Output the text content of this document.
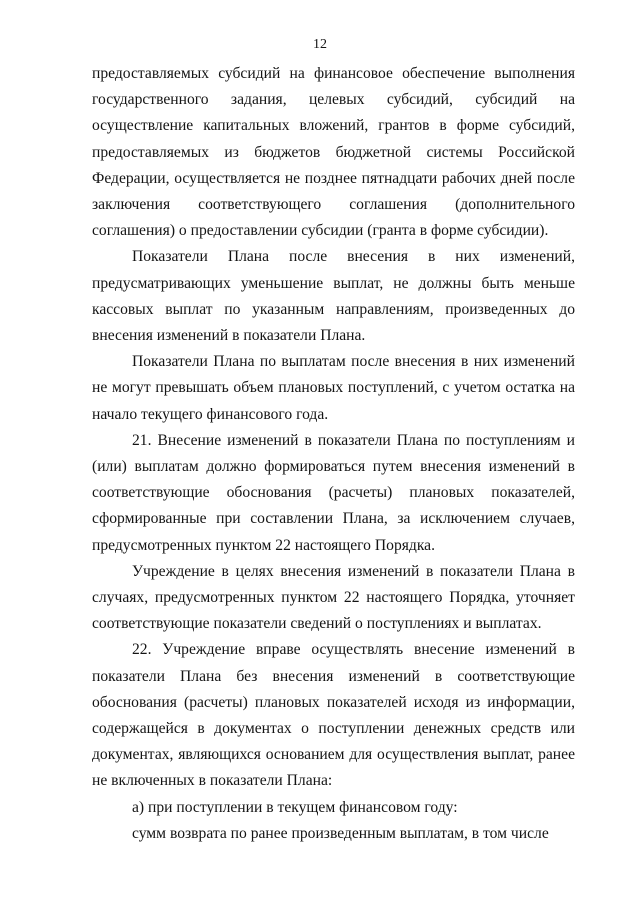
12

предоставляемых субсидий на финансовое обеспечение выполнения государственного задания, целевых субсидий, субсидий на осуществление капитальных вложений, грантов в форме субсидий, предоставляемых из бюджетов бюджетной системы Российской Федерации, осуществляется не позднее пятнадцати рабочих дней после заключения соответствующего соглашения (дополнительного соглашения) о предоставлении субсидии (гранта в форме субсидии).

Показатели Плана после внесения в них изменений, предусматривающих уменьшение выплат, не должны быть меньше кассовых выплат по указанным направлениям, произведенных до внесения изменений в показатели Плана.

Показатели Плана по выплатам после внесения в них изменений не могут превышать объем плановых поступлений, с учетом остатка на начало текущего финансового года.

21. Внесение изменений в показатели Плана по поступлениям и (или) выплатам должно формироваться путем внесения изменений в соответствующие обоснования (расчеты) плановых показателей, сформированные при составлении Плана, за исключением случаев, предусмотренных пунктом 22 настоящего Порядка.

Учреждение в целях внесения изменений в показатели Плана в случаях, предусмотренных пунктом 22 настоящего Порядка, уточняет соответствующие показатели сведений о поступлениях и выплатах.

22. Учреждение вправе осуществлять внесение изменений в показатели Плана без внесения изменений в соответствующие обоснования (расчеты) плановых показателей исходя из информации, содержащейся в документах о поступлении денежных средств или документах, являющихся основанием для осуществления выплат, ранее не включенных в показатели Плана:

а) при поступлении в текущем финансовом году:

сумм возврата по ранее произведенным выплатам, в том числе
